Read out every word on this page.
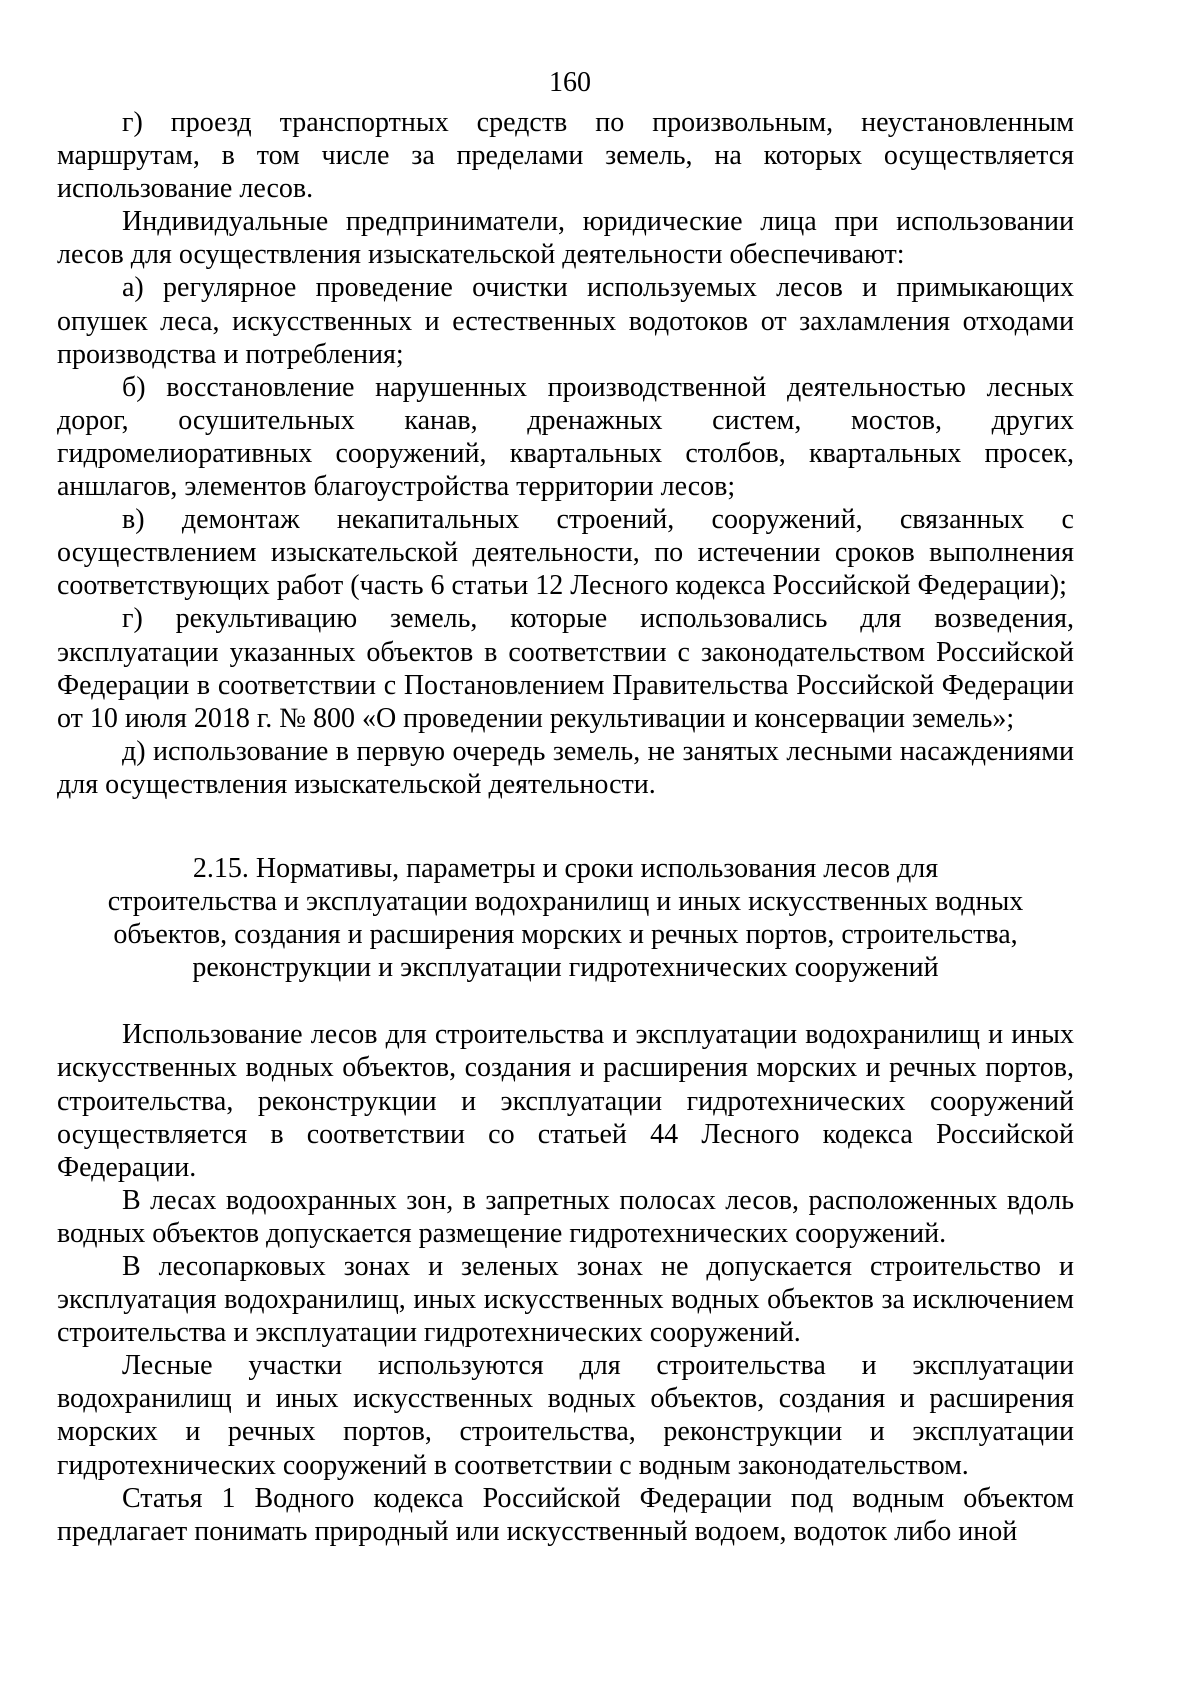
160

г) проезд транспортных средств по произвольным, неустановленным маршрутам, в том числе за пределами земель, на которых осуществляется использование лесов.

Индивидуальные предприниматели, юридические лица при использовании лесов для осуществления изыскательской деятельности обеспечивают:

а) регулярное проведение очистки используемых лесов и примыкающих опушек леса, искусственных и естественных водотоков от захламления отходами производства и потребления;

б) восстановление нарушенных производственной деятельностью лесных дорог, осушительных канав, дренажных систем, мостов, других гидромелиоративных сооружений, квартальных столбов, квартальных просек, аншлагов, элементов благоустройства территории лесов;

в) демонтаж некапитальных строений, сооружений, связанных с осуществлением изыскательской деятельности, по истечении сроков выполнения соответствующих работ (часть 6 статьи 12 Лесного кодекса Российской Федерации);

г) рекультивацию земель, которые использовались для возведения, эксплуатации указанных объектов в соответствии с законодательством Российской Федерации в соответствии с Постановлением Правительства Российской Федерации от 10 июля 2018 г. № 800 «О проведении рекультивации и консервации земель»;

д) использование в первую очередь земель, не занятых лесными насаждениями для осуществления изыскательской деятельности.

2.15. Нормативы, параметры и сроки использования лесов для
строительства и эксплуатации водохранилищ и иных искусственных водных
объектов, создания и расширения морских и речных портов, строительства,
реконструкции и эксплуатации гидротехнических сооружений

Использование лесов для строительства и эксплуатации водохранилищ и иных искусственных водных объектов, создания и расширения морских и речных портов, строительства, реконструкции и эксплуатации гидротехнических сооружений осуществляется в соответствии со статьей 44 Лесного кодекса Российской Федерации.

В лесах водоохранных зон, в запретных полосах лесов, расположенных вдоль водных объектов допускается размещение гидротехнических сооружений.

В лесопарковых зонах и зеленых зонах не допускается строительство и эксплуатация водохранилищ, иных искусственных водных объектов за исключением строительства и эксплуатации гидротехнических сооружений.

Лесные участки используются для строительства и эксплуатации водохранилищ и иных искусственных водных объектов, создания и расширения морских и речных портов, строительства, реконструкции и эксплуатации гидротехнических сооружений в соответствии с водным законодательством.

Статья 1 Водного кодекса Российской Федерации под водным объектом предлагает понимать природный или искусственный водоем, водоток либо иной
